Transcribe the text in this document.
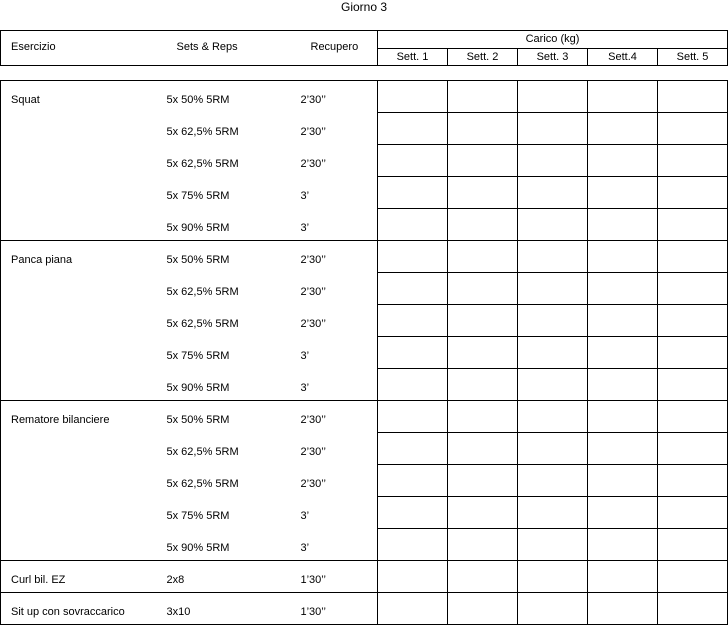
Giorno 3
Esercizio	Sets & Reps	Recupero	Carico (kg)				
			Sett. 1	Sett. 2	Sett. 3	Sett.4	Sett. 5
Squat	5x 50% 5RM	2’30’’					
	5x 62,5% 5RM	2’30’’					
	5x 62,5% 5RM	2’30’’					
	5x 75% 5RM	3’					
	5x 90% 5RM	3’					
Panca piana	5x 50% 5RM	2’30’’					
	5x 62,5% 5RM	2’30’’					
	5x 62,5% 5RM	2’30’’					
	5x 75% 5RM	3’					
	5x 90% 5RM	3’					
Rematore bilanciere	5x 50% 5RM	2’30’’					
	5x 62,5% 5RM	2’30’’					
	5x 62,5% 5RM	2’30’’					
	5x 75% 5RM	3’					
	5x 90% 5RM	3’					
Curl bil. EZ	2x8	1’30’’					
Sit up con sovraccarico	3x10	1’30’’					
